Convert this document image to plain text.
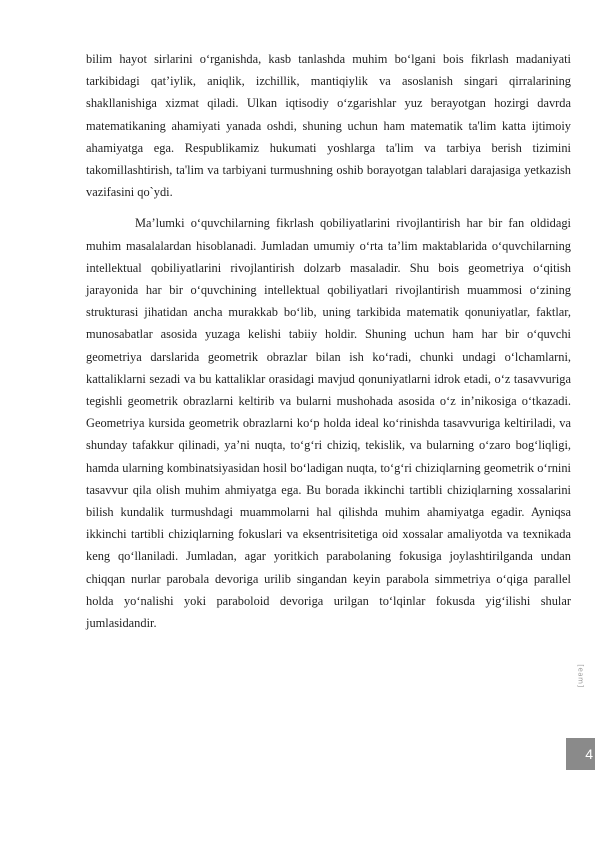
bilim hayot sirlarini o‘rganishda, kasb tanlashda muhim bo‘lgani bois fikrlash madaniyati tarkibidagi qat’iylik, aniqlik, izchillik, mantiqiylik va asoslanish singari qirralarining shakllanishiga xizmat qiladi. Ulkan iqtisodiy o‘zgarishlar yuz berayotgan hozirgi davrda matematikaning ahamiyati yanada oshdi, shuning uchun ham matematik ta'lim katta ijtimoiy ahamiyatga ega. Respublikamiz hukumati yoshlarga ta'lim va tarbiya berish tizimini takomillashtirish, ta'lim va tarbiyani turmushning oshib borayotgan talablari darajasiga yetkazish vazifasini qo`ydi.

Ma’lumki o‘quvchilarning fikrlash qobiliyatlarini rivojlantirish har bir fan oldidagi muhim masalalardan hisoblanadi. Jumladan umumiy o‘rta ta’lim maktablarida o‘quvchilarning intellektual qobiliyatlarini rivojlantirish dolzarb masaladir. Shu bois geometriya o‘qitish jarayonida har bir o‘quvchining intellektual qobiliyatlari rivojlantirish muammosi o‘zining strukturasi jihatidan ancha murakkab bo‘lib, uning tarkibida matematik qonuniyatlar, faktlar, munosabatlar asosida yuzaga kelishi tabiiy holdir. Shuning uchun ham har bir o‘quvchi geometriya darslarida geometrik obrazlar bilan ish ko‘radi, chunki undagi o‘lchamlarni, kattaliklarni sezadi va bu kattaliklar orasidagi mavjud qonuniyatlarni idrok etadi, o‘z tasavvuriga tegishli geometrik obrazlarni keltirib va bularni mushohada asosida o‘z in’nikosiga o‘tkazadi. Geometriya kursida geometrik obrazlarni ko‘p holda ideal ko‘rinishda tasavvuriga keltiriladi, va shunday tafakkur qilinadi, ya’ni nuqta, to‘g‘ri chiziq, tekislik, va bularning o‘zaro bog‘liqligi, hamda ularning kombinatsiyasidan hosil bo‘ladigan nuqta, to‘g‘ri chiziqlarning geometrik o‘rnini tasavvur qila olish muhim ahmiyatga ega. Bu borada ikkinchi tartibli chiziqlarning xossalarini bilish kundalik turmushdagi muammolarni hal qilishda muhim ahamiyatga egadir. Ayniqsa ikkinchi tartibli chiziqlarning fokuslari va eksentrisitetiga oid xossalar amaliyotda va texnikada keng qo‘llaniladi. Jumladan, agar yoritkich parabolaning fokusiga joylashtirilganda undan chiqqan nurlar parobala devoriga urilib singandan keyin parabola simmetriya o‘qiga parallel holda yo‘nalishi yoki paraboloid devoriga urilgan to‘lqinlar fokusda yig‘ilishi shular jumlasidandir.

[eam]
4
